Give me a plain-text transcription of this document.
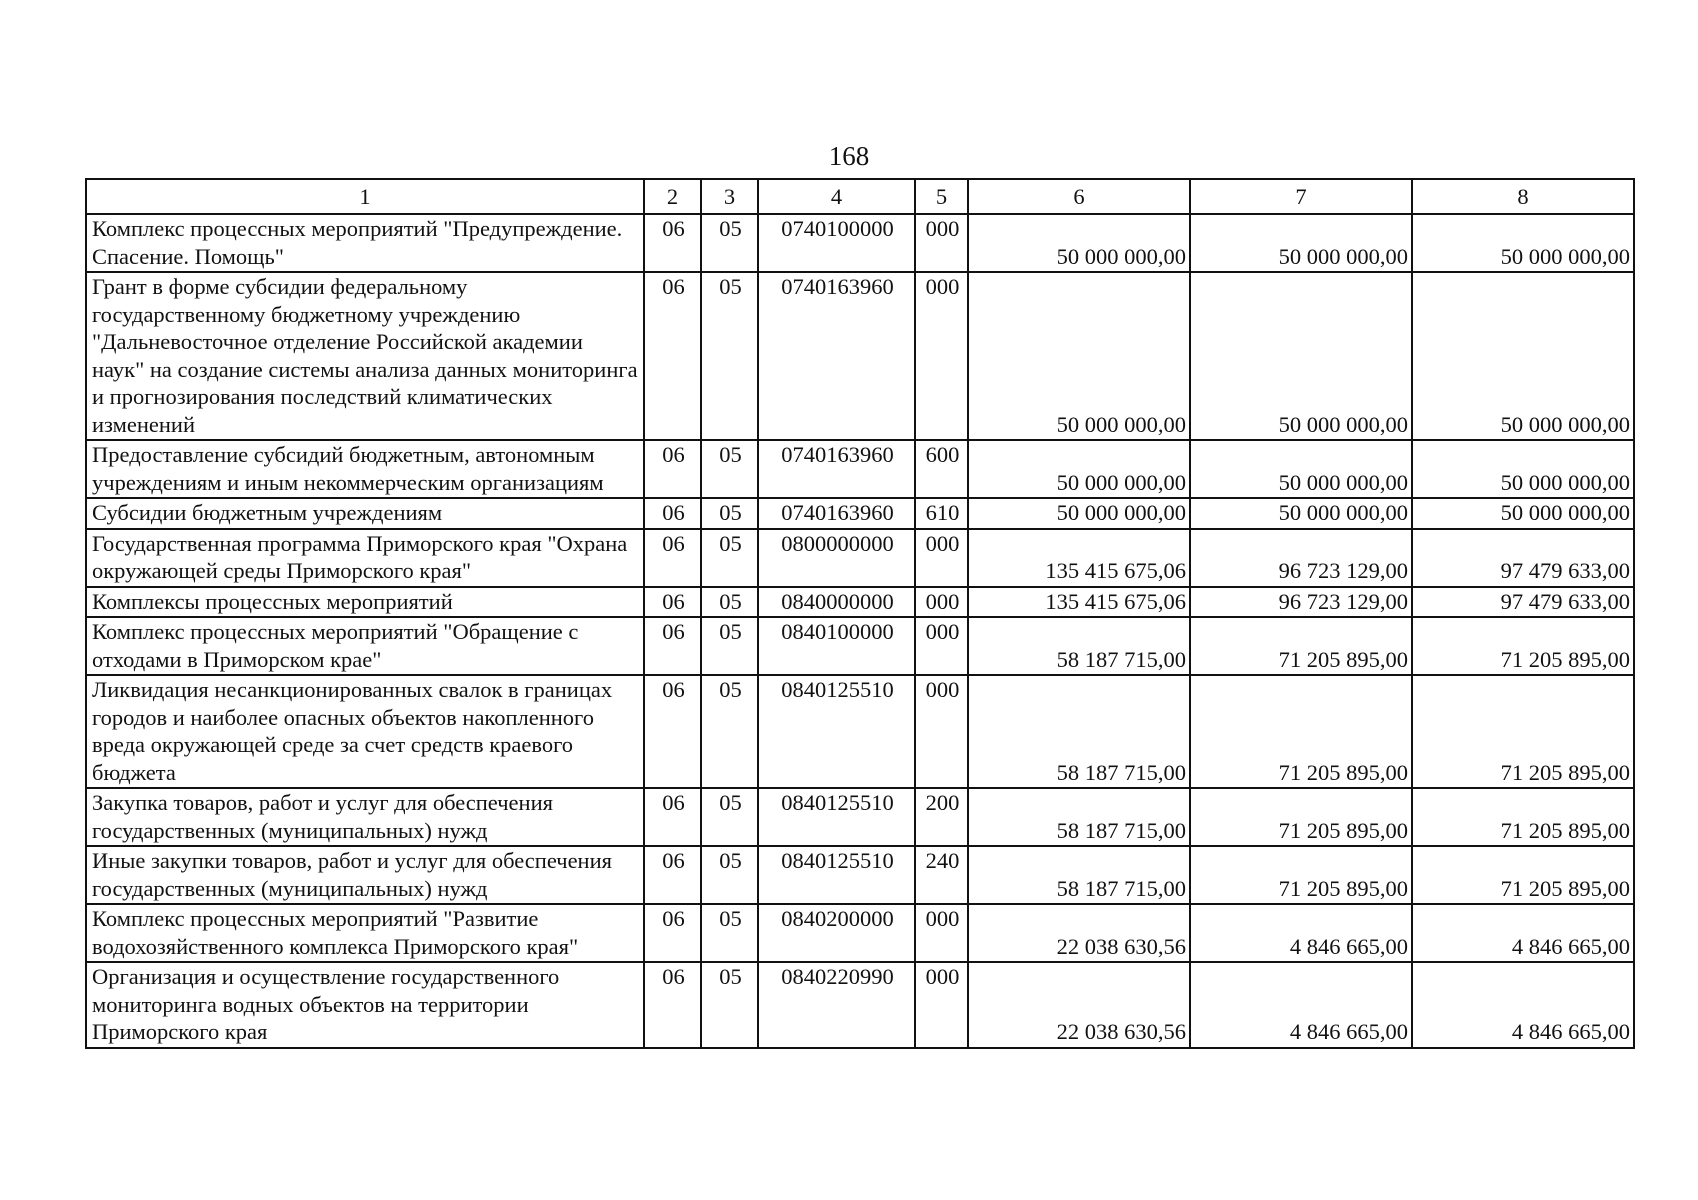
168
1	2	3	4	5	6	7	8
Комплекс процессных мероприятий "Предупреждение. Спасение. Помощь"	06	05	0740100000	000	50 000 000,00	50 000 000,00	50 000 000,00
Грант в форме субсидии федеральному государственному бюджетному учреждению "Дальневосточное отделение Российской академии наук" на создание системы анализа данных мониторинга и прогнозирования последствий климатических изменений	06	05	0740163960	000	50 000 000,00	50 000 000,00	50 000 000,00
Предоставление субсидий бюджетным, автономным учреждениям и иным некоммерческим организациям	06	05	0740163960	600	50 000 000,00	50 000 000,00	50 000 000,00
Субсидии бюджетным учреждениям	06	05	0740163960	610	50 000 000,00	50 000 000,00	50 000 000,00
Государственная программа Приморского края "Охрана окружающей среды Приморского края"	06	05	0800000000	000	135 415 675,06	96 723 129,00	97 479 633,00
Комплексы процессных мероприятий	06	05	0840000000	000	135 415 675,06	96 723 129,00	97 479 633,00
Комплекс процессных мероприятий "Обращение с отходами в Приморском крае"	06	05	0840100000	000	58 187 715,00	71 205 895,00	71 205 895,00
Ликвидация несанкционированных свалок в границах городов и наиболее опасных объектов накопленного вреда окружающей среде за счет средств краевого бюджета	06	05	0840125510	000	58 187 715,00	71 205 895,00	71 205 895,00
Закупка товаров, работ и услуг для обеспечения государственных (муниципальных) нужд	06	05	0840125510	200	58 187 715,00	71 205 895,00	71 205 895,00
Иные закупки товаров, работ и услуг для обеспечения государственных (муниципальных) нужд	06	05	0840125510	240	58 187 715,00	71 205 895,00	71 205 895,00
Комплекс процессных мероприятий "Развитие водохозяйственного комплекса Приморского края"	06	05	0840200000	000	22 038 630,56	4 846 665,00	4 846 665,00
Организация и осуществление государственного мониторинга водных объектов на территории Приморского края	06	05	0840220990	000	22 038 630,56	4 846 665,00	4 846 665,00
